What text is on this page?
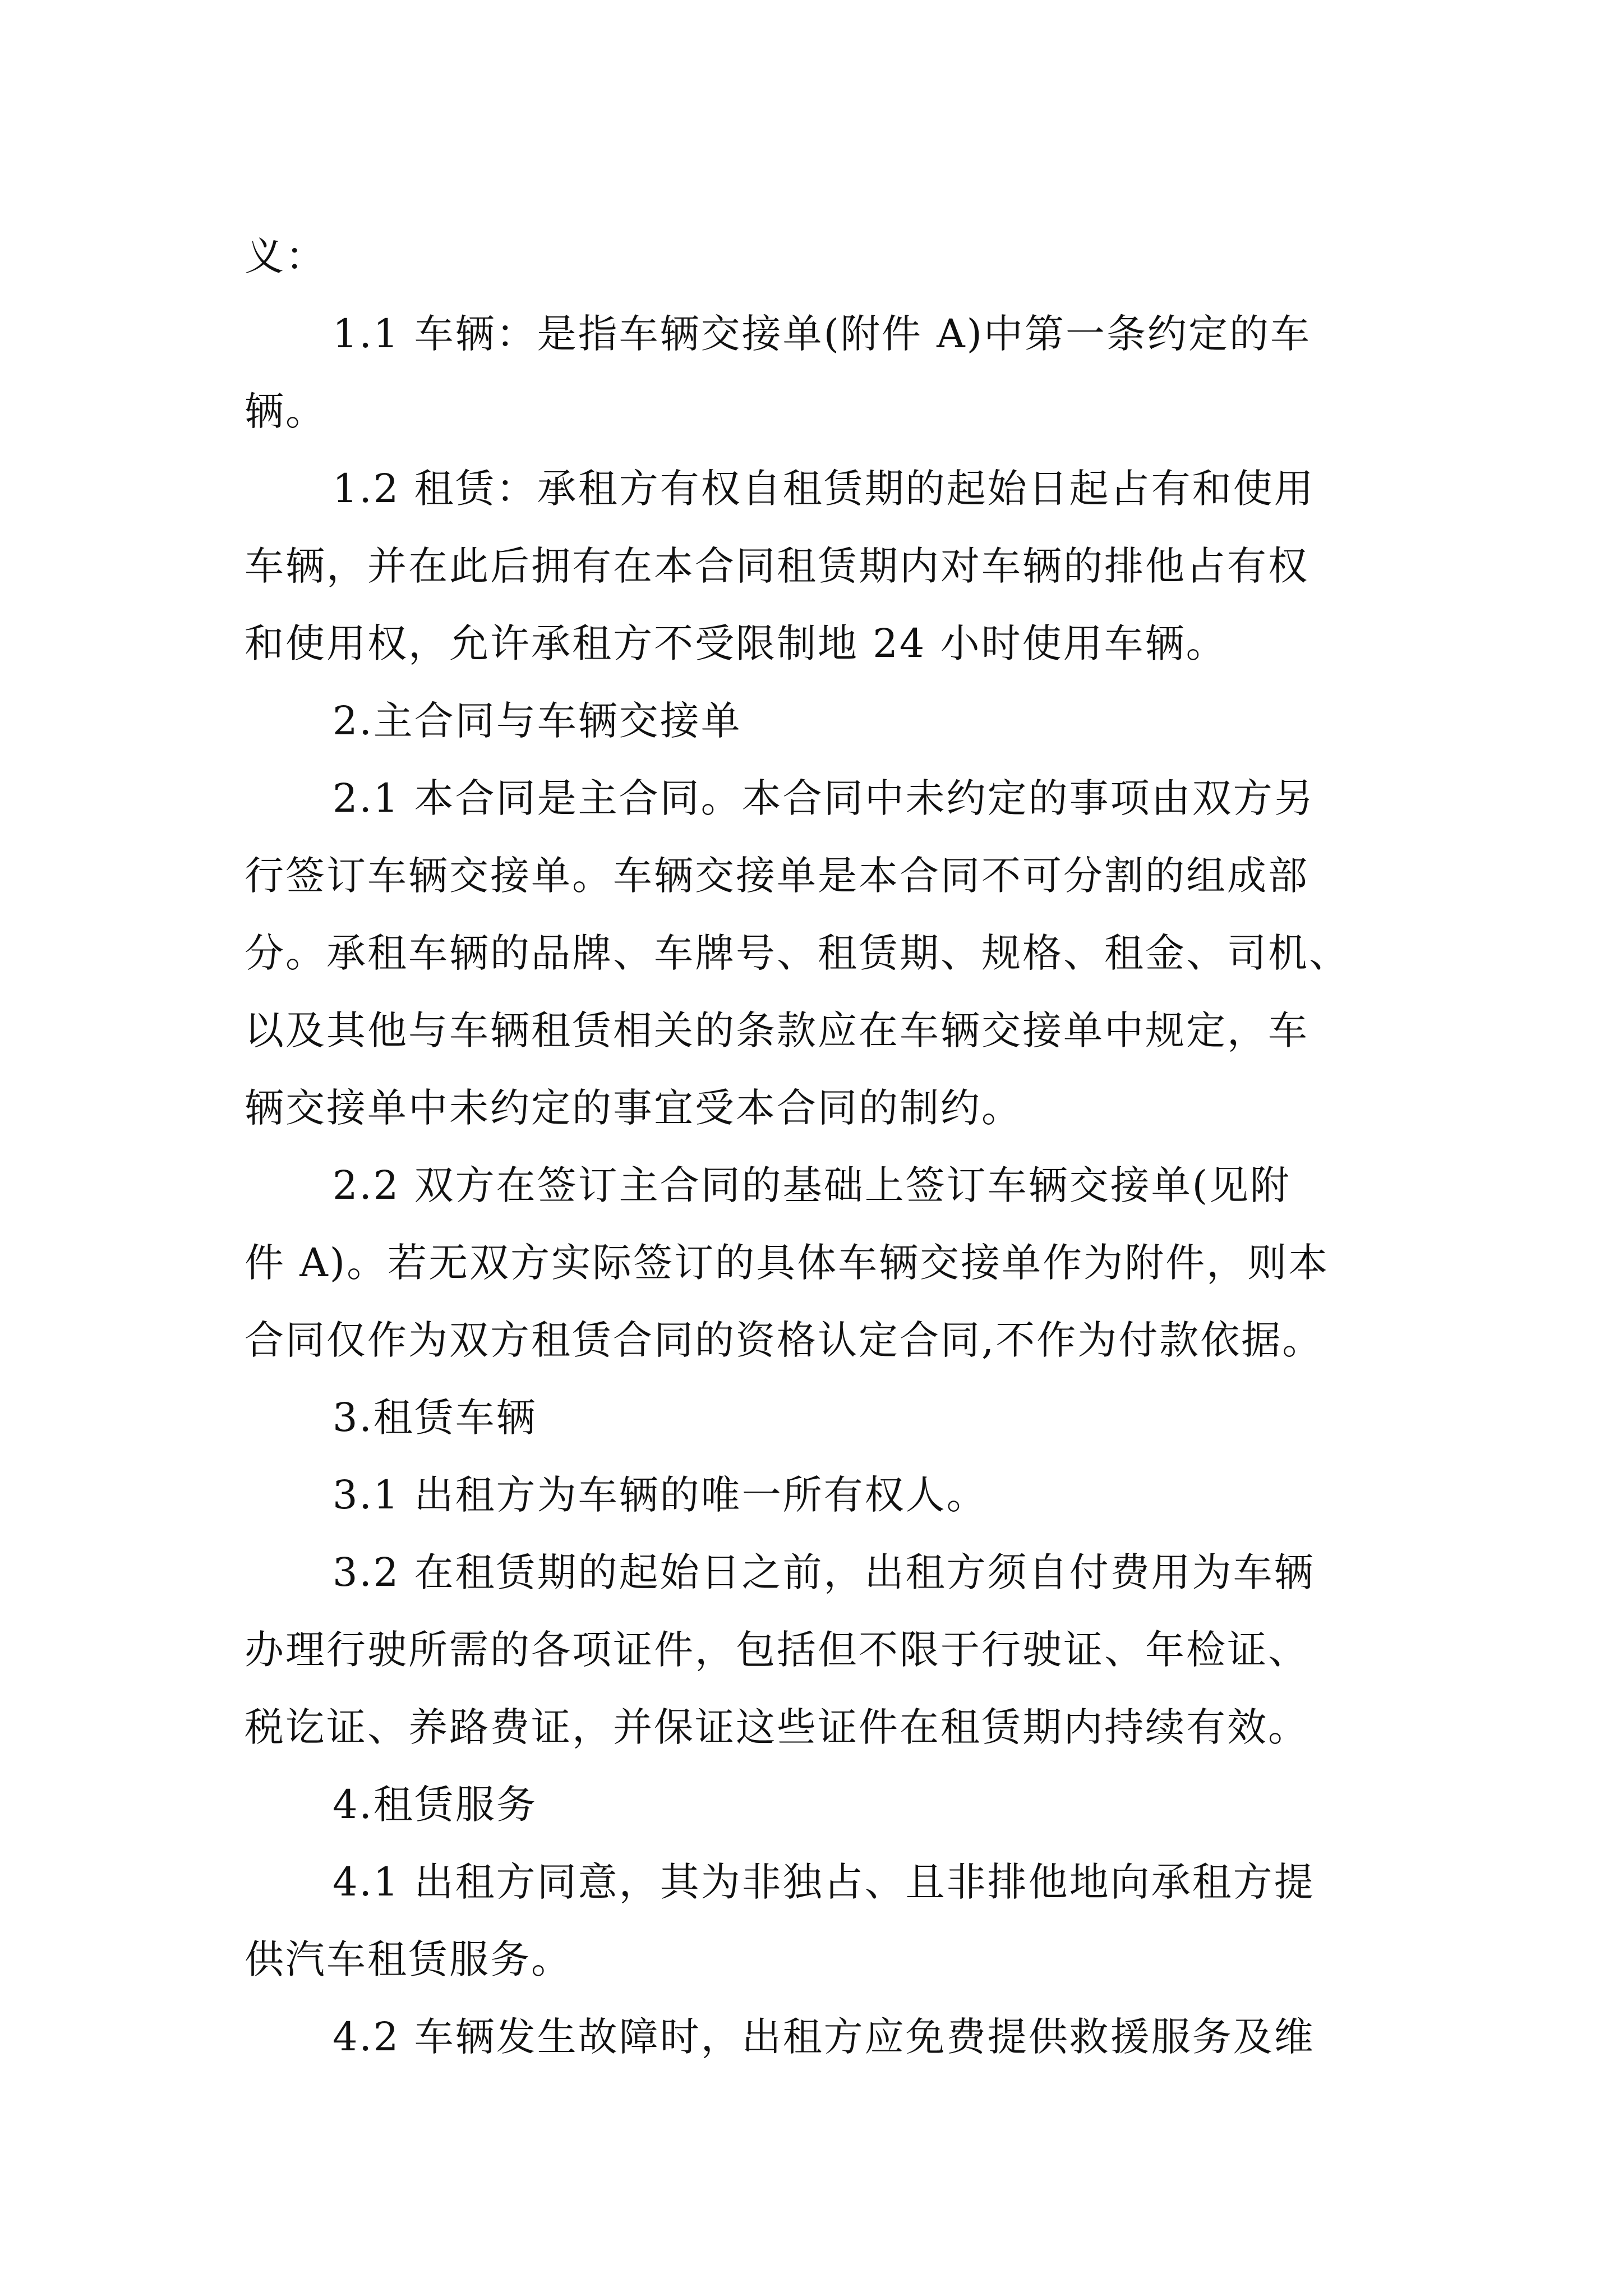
义：
1.1 车辆：是指车辆交接单(附件 A)中第一条约定的车
辆。
1.2 租赁：承租方有权自租赁期的起始日起占有和使用
车辆，并在此后拥有在本合同租赁期内对车辆的排他占有权
和使用权，允许承租方不受限制地 24 小时使用车辆。
2.主合同与车辆交接单
2.1 本合同是主合同。本合同中未约定的事项由双方另
行签订车辆交接单。车辆交接单是本合同不可分割的组成部
分。承租车辆的品牌、车牌号、租赁期、规格、租金、司机、
以及其他与车辆租赁相关的条款应在车辆交接单中规定，车
辆交接单中未约定的事宜受本合同的制约。
2.2 双方在签订主合同的基础上签订车辆交接单(见附
件 A)。若无双方实际签订的具体车辆交接单作为附件，则本
合同仅作为双方租赁合同的资格认定合同,不作为付款依据。
3.租赁车辆
3.1 出租方为车辆的唯一所有权人。
3.2 在租赁期的起始日之前，出租方须自付费用为车辆
办理行驶所需的各项证件，包括但不限于行驶证、年检证、
税讫证、养路费证，并保证这些证件在租赁期内持续有效。
4.租赁服务
4.1 出租方同意，其为非独占、且非排他地向承租方提
供汽车租赁服务。
4.2 车辆发生故障时，出租方应免费提供救援服务及维
